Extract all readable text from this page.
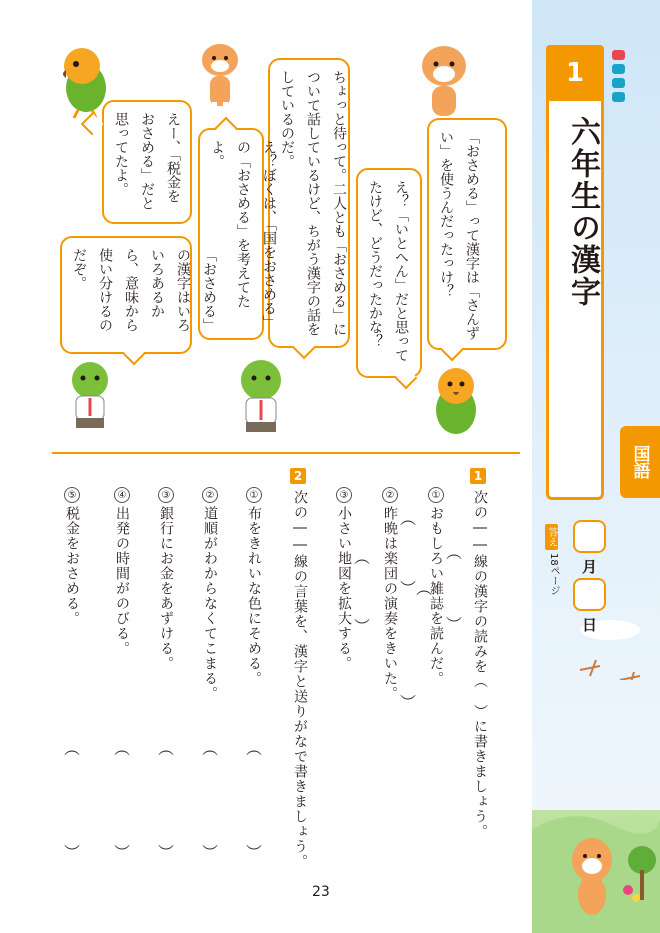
1
六年生の漢字
国語
答え
18ページ 月
日
「おさめる」って漢字は「さんずい」を使うんだったっけ？
え？「いとへん」だと思ってたけど、どうだったかな？
ちょっと待って。二人とも「おさめる」について話しているけど、ちがう漢字の話をしているのだ。
え？ぼくは、「国をおさめる」の「おさめる」を考えてたよ。
えー、「税金をおさめる」だと思ってたよ。
「おさめる」の漢字はいろいろあるから、意味から使い分けるのだぞ。
1
次の――線の漢字の読みを（　）に書きましょう。
①
おもしろい雑誌を読んだ。 ︵
︶
②
昨晩は楽団の演奏をきいた。 ︵
︶︵
︶
③
小さい地図を拡大する。 ︵
︶
2
次の――線の言葉を、漢字と送りがなで書きましょう。
①
布をきれいな色にそめる。
︵
︶
②
道順がわからなくてこまる。
︵
︶
③
銀行にお金をあずける。
︵
︶
④
出発の時間がのびる。
︵
︶
⑤
税金をおさめる。
︵
︶
23
